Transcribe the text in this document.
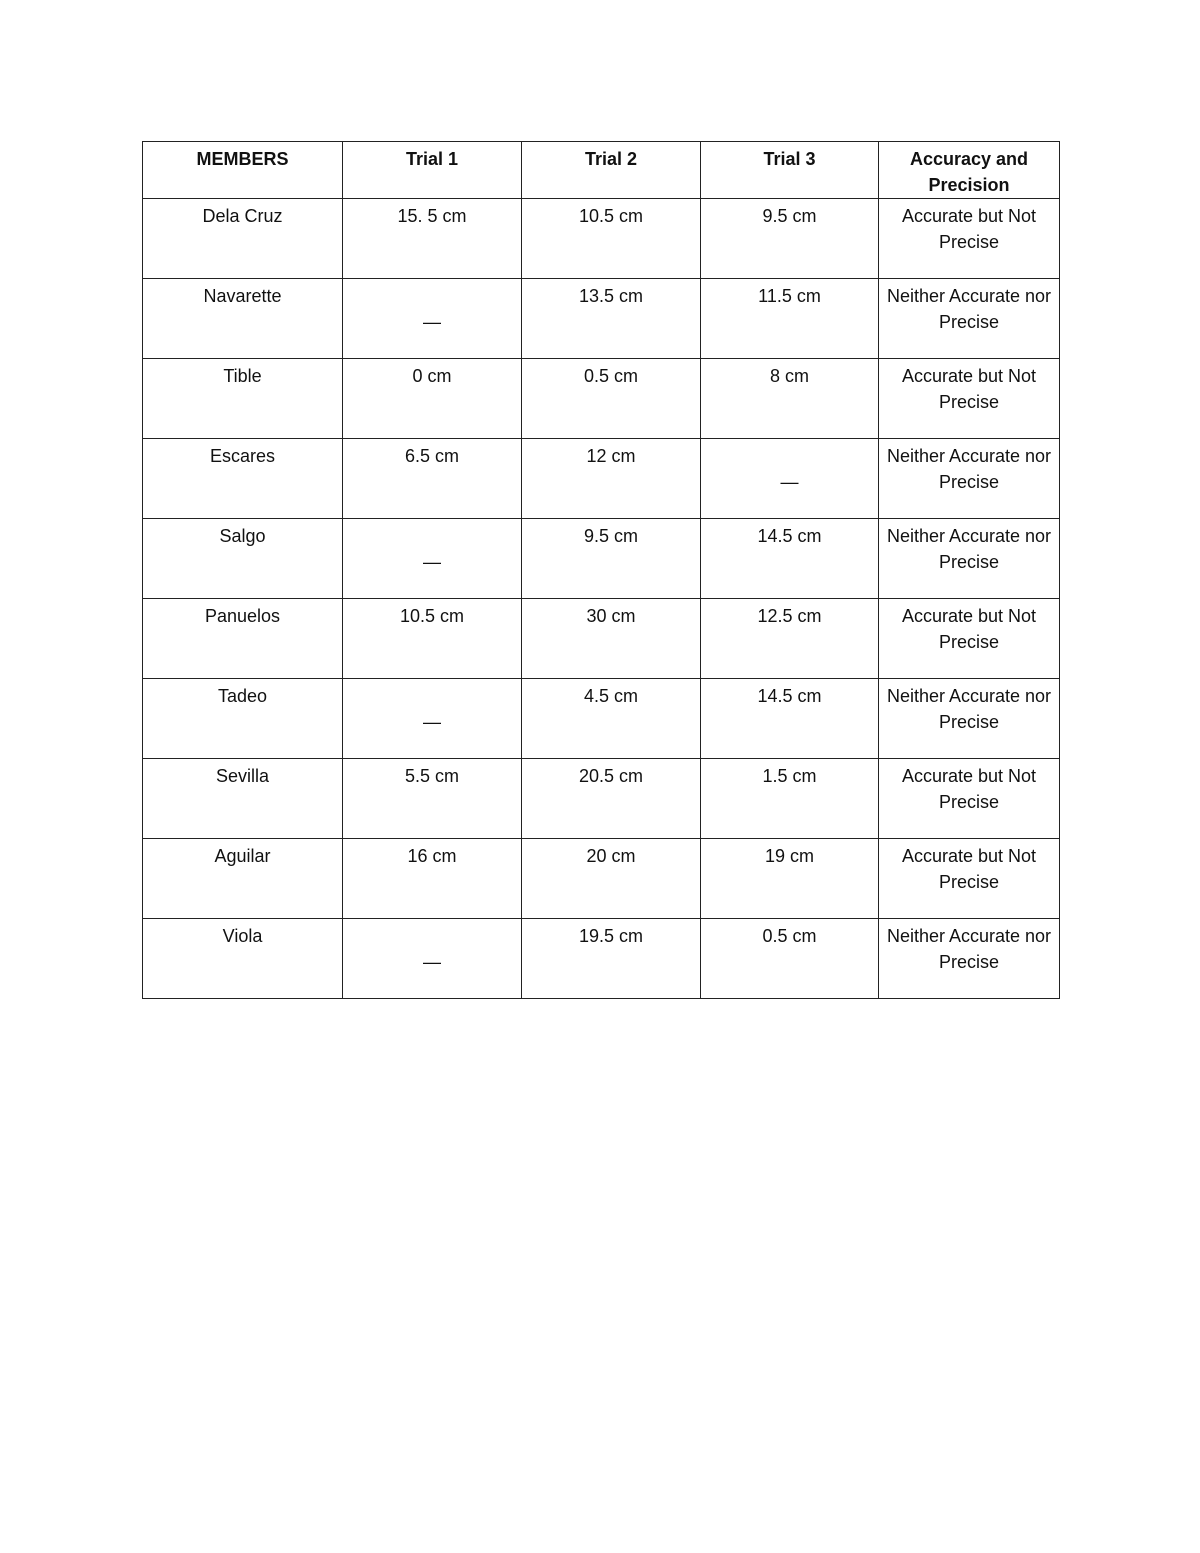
MEMBERS	Trial 1	Trial 2	Trial 3	Accuracy and Precision
Dela Cruz	15. 5 cm	10.5 cm	9.5 cm	Accurate but Not Precise
Navarette	—	13.5 cm	11.5 cm	Neither Accurate nor Precise
Tible	0 cm	0.5 cm	8 cm	Accurate but Not Precise
Escares	6.5 cm	12 cm	—	Neither Accurate nor Precise
Salgo	—	9.5 cm	14.5 cm	Neither Accurate nor Precise
Panuelos	10.5 cm	30 cm	12.5 cm	Accurate but Not Precise
Tadeo	—	4.5 cm	14.5 cm	Neither Accurate nor Precise
Sevilla	5.5 cm	20.5 cm	1.5 cm	Accurate but Not Precise
Aguilar	16 cm	20 cm	19 cm	Accurate but Not Precise
Viola	—	19.5 cm	0.5 cm	Neither Accurate nor Precise
